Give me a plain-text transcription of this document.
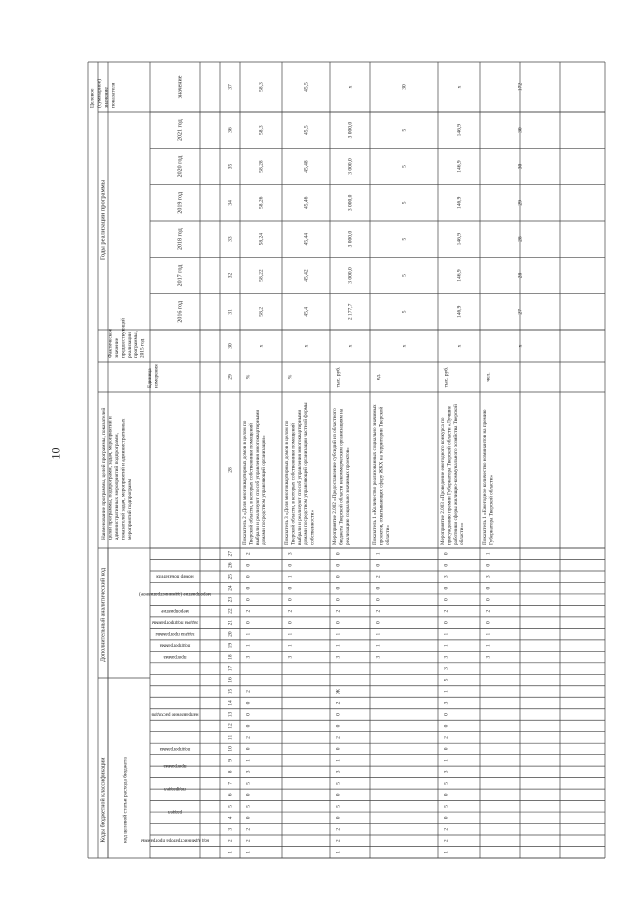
10
Коды бюджетной классификации	код целевой статьи расхода бюджета
Дополнительный аналитический код
Годы реализации программы
Целевое (суммарное) значение показателя
Наименование программы, целей программы, показателей целей программы, подпрограмм, задач, мероприятий и административных мероприятий подпрограмм, показателей задач, мероприятий и административных мероприятий подпрограмм
Единица измерения
Фактическое значение предшествующей реализации программы, 2015 год
значение
код администратора программы
раздел
подраздел
программа
подпрограмма
направление расходов
программа
подпрограмма
задача программы
задача подпрограммы
мероприятие
мероприятие (административное)
номер показателя
2016 год
2017 год
2018 год
2019 год
2020 год
2021 год
1
2
3
4
5
6
7
8
9
10
11
12
13
14
15
16
17
18
19
20
21
22
23
24
25
26
27
28
29
30
31
32
33
34
35
36
37
1
2
2
0
5
0
5
3
1
0
2
0
0
0
2
3
1
1
0
2
0
0
0
0
2
Показатель 2 «Доля многоквартирных домов в целом по Тверской области, в которых собственники помещений выбрали и реализуют способ управления многоквартирными домами посредством управляющей организации»
%
x
58,2
58,22
58,24
58,26
58,28
58,3
58,3
3
1
1
0
2
0
0
1
0
3
Показатель 3 «Доля многоквартирных домов в целом по Тверской области, в которых собственники помещений выбрали и реализуют способ управления многоквартирными домами посредством управляющей организации частной формы собственности»
%
x
45,4
45,42
45,44
45,46
45,48
45,5
45,5
1
2
2
0
5
0
5
3
1
0
2
0
0
2
Ж
3
1
1
0
2
0
0
0
0
0
Мероприятие 2.002 «Предоставление субсидий из областного бюджета Тверской области некоммерческим организациям на реализацию социально значимых проектов»
тыс. руб.
x
2 177,7
3 000,0
3 000,0
3 000,0
3 000,0
3 000,0
x
3
1
1
0
2
0
0
2
0
1
Показатель 1 «Количество реализованных социально значимых проектов, охватывающих сферу ЖКХ на территории Тверской области»
ед.
x
5
5
5
5
5
5
30
1
2
2
0
5
0
5
3
1
0
2
0
0
3
1
5
3
3
1
1
0
2
0
0
3
0
0
Мероприятие 2.003 «Проведение ежегодного конкурса по присуждению премии Губернатора Тверской области «Лучшие работники сферы жилищно-коммунального хозяйства Тверской области»»
тыс. руб.
x
146,9
146,9
146,9
146,9
146,9
146,9
x
3
1
1
0
2
0
0
3
0
1
Показатель 1 «Ежегодное количество номинантов на премию Губернатора Тверской области»
чел.
x
27
28
28
29
30
30
172
